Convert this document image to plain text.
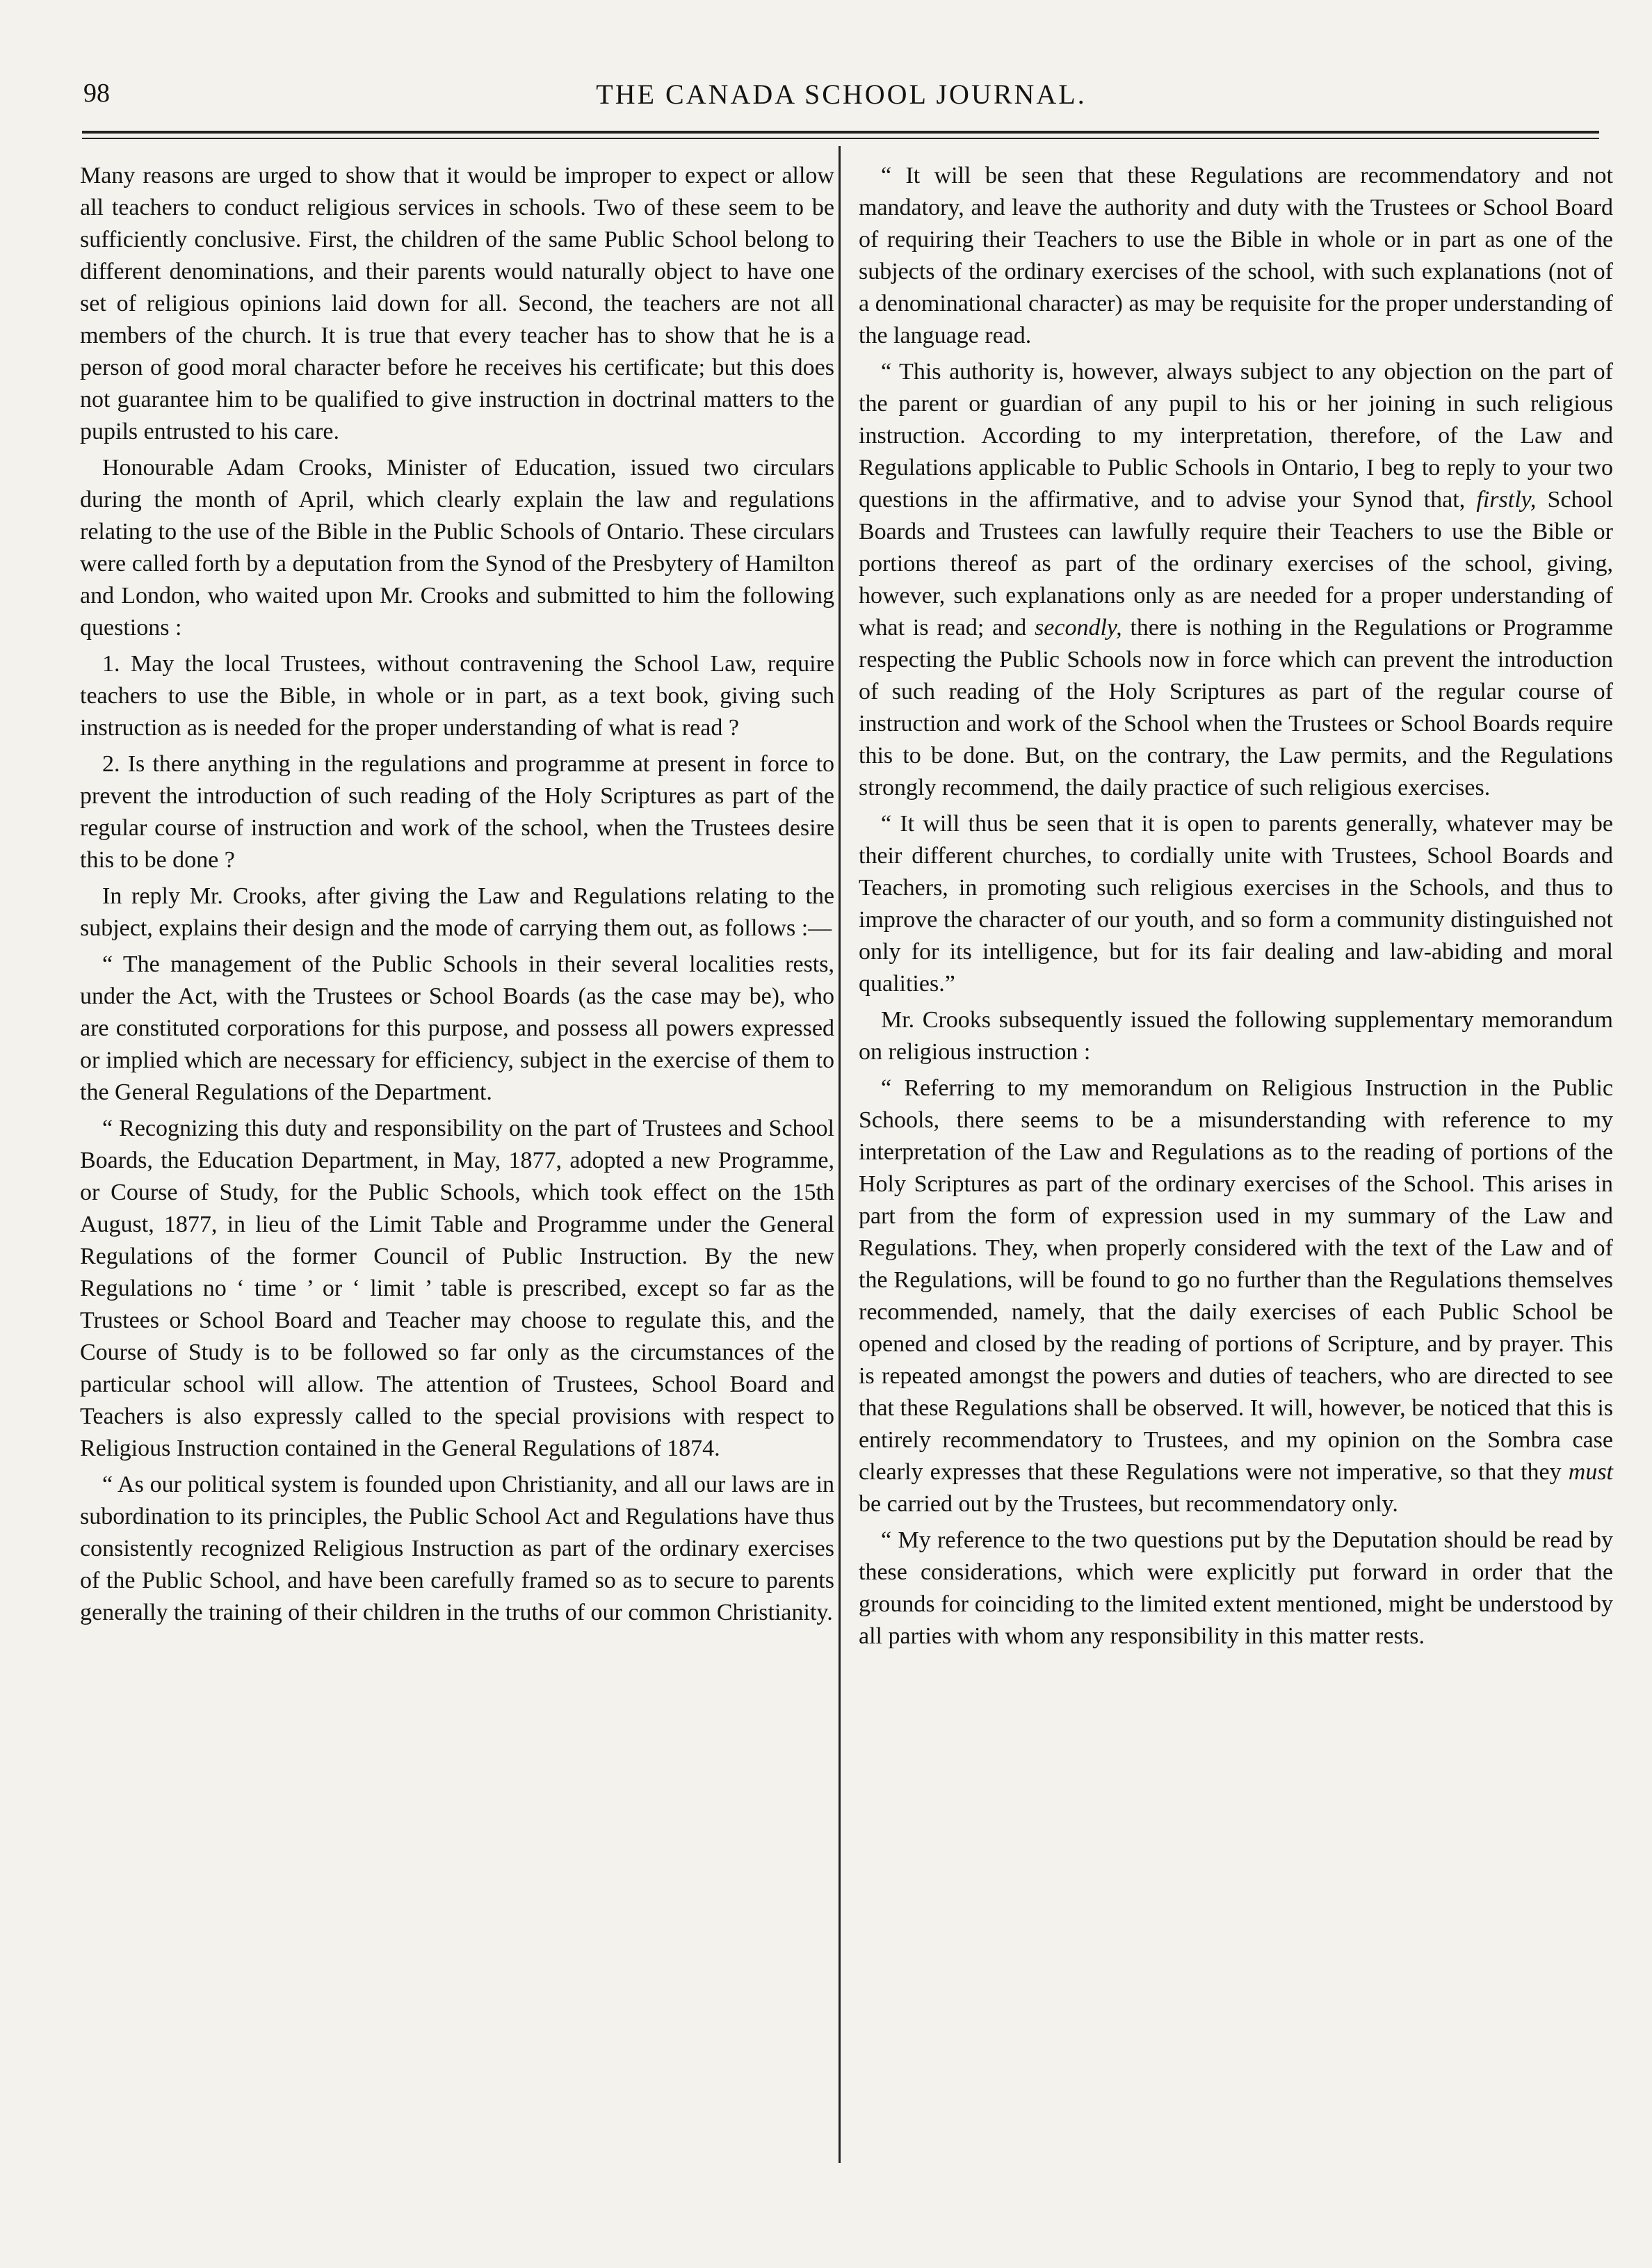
98	THE CANADA SCHOOL JOURNAL.

Many reasons are urged to show that it would be improper to expect or allow all teachers to conduct religious services in schools. Two of these seem to be sufficiently conclusive. First, the children of the same Public School belong to different denominations, and their parents would naturally object to have one set of religious opinions laid down for all. Second, the teachers are not all members of the church. It is true that every teacher has to show that he is a person of good moral character before he receives his certificate; but this does not guarantee him to be qualified to give instruction in doctrinal matters to the pupils entrusted to his care.

Honourable Adam Crooks, Minister of Education, issued two circulars during the month of April, which clearly explain the law and regulations relating to the use of the Bible in the Public Schools of Ontario. These circulars were called forth by a deputation from the Synod of the Presbytery of Hamilton and London, who waited upon Mr. Crooks and submitted to him the following questions :

1. May the local Trustees, without contravening the School Law, require teachers to use the Bible, in whole or in part, as a text book, giving such instruction as is needed for the proper understanding of what is read ?

2. Is there anything in the regulations and programme at present in force to prevent the introduction of such reading of the Holy Scriptures as part of the regular course of instruction and work of the school, when the Trustees desire this to be done ?

In reply Mr. Crooks, after giving the Law and Regulations relating to the subject, explains their design and the mode of carrying them out, as follows :—

“ The management of the Public Schools in their several localities rests, under the Act, with the Trustees or School Boards (as the case may be), who are constituted corporations for this purpose, and possess all powers expressed or implied which are necessary for efficiency, subject in the exercise of them to the General Regulations of the Department.

“ Recognizing this duty and responsibility on the part of Trustees and School Boards, the Education Department, in May, 1877, adopted a new Programme, or Course of Study, for the Public Schools, which took effect on the 15th August, 1877, in lieu of the Limit Table and Programme under the General Regulations of the former Council of Public Instruction. By the new Regulations no ‘ time ’ or ‘ limit ’ table is prescribed, except so far as the Trustees or School Board and Teacher may choose to regulate this, and the Course of Study is to be followed so far only as the circumstances of the particular school will allow. The attention of Trustees, School Board and Teachers is also expressly called to the special provisions with respect to Religious Instruction contained in the General Regulations of 1874.

“ As our political system is founded upon Christianity, and all our laws are in subordination to its principles, the Public School Act and Regulations have thus consistently recognized Religious Instruction as part of the ordinary exercises of the Public School, and have been carefully framed so as to secure to parents generally the training of their children in the truths of our common Christianity.

“ It will be seen that these Regulations are recommendatory and not mandatory, and leave the authority and duty with the Trustees or School Board of requiring their Teachers to use the Bible in whole or in part as one of the subjects of the ordinary exercises of the school, with such explanations (not of a denominational character) as may be requisite for the proper understanding of the language read.

“ This authority is, however, always subject to any objection on the part of the parent or guardian of any pupil to his or her joining in such religious instruction. According to my interpretation, therefore, of the Law and Regulations applicable to Public Schools in Ontario, I beg to reply to your two questions in the affirmative, and to advise your Synod that, firstly, School Boards and Trustees can lawfully require their Teachers to use the Bible or portions thereof as part of the ordinary exercises of the school, giving, however, such explanations only as are needed for a proper understanding of what is read; and secondly, there is nothing in the Regulations or Programme respecting the Public Schools now in force which can prevent the introduction of such reading of the Holy Scriptures as part of the regular course of instruction and work of the School when the Trustees or School Boards require this to be done. But, on the contrary, the Law permits, and the Regulations strongly recommend, the daily practice of such religious exercises.

“ It will thus be seen that it is open to parents generally, whatever may be their different churches, to cordially unite with Trustees, School Boards and Teachers, in promoting such religious exercises in the Schools, and thus to improve the character of our youth, and so form a community distinguished not only for its intelligence, but for its fair dealing and law-abiding and moral qualities.”

Mr. Crooks subsequently issued the following supplementary memorandum on religious instruction :

“ Referring to my memorandum on Religious Instruction in the Public Schools, there seems to be a misunderstanding with reference to my interpretation of the Law and Regulations as to the reading of portions of the Holy Scriptures as part of the ordinary exercises of the School. This arises in part from the form of expression used in my summary of the Law and Regulations. They, when properly considered with the text of the Law and of the Regulations, will be found to go no further than the Regulations themselves recommended, namely, that the daily exercises of each Public School be opened and closed by the reading of portions of Scripture, and by prayer. This is repeated amongst the powers and duties of teachers, who are directed to see that these Regulations shall be observed. It will, however, be noticed that this is entirely recommendatory to Trustees, and my opinion on the Sombra case clearly expresses that these Regulations were not imperative, so that they must be carried out by the Trustees, but recommendatory only.

“ My reference to the two questions put by the Deputation should be read by these considerations, which were explicitly put forward in order that the grounds for coinciding to the limited extent mentioned, might be understood by all parties with whom any responsibility in this matter rests.
